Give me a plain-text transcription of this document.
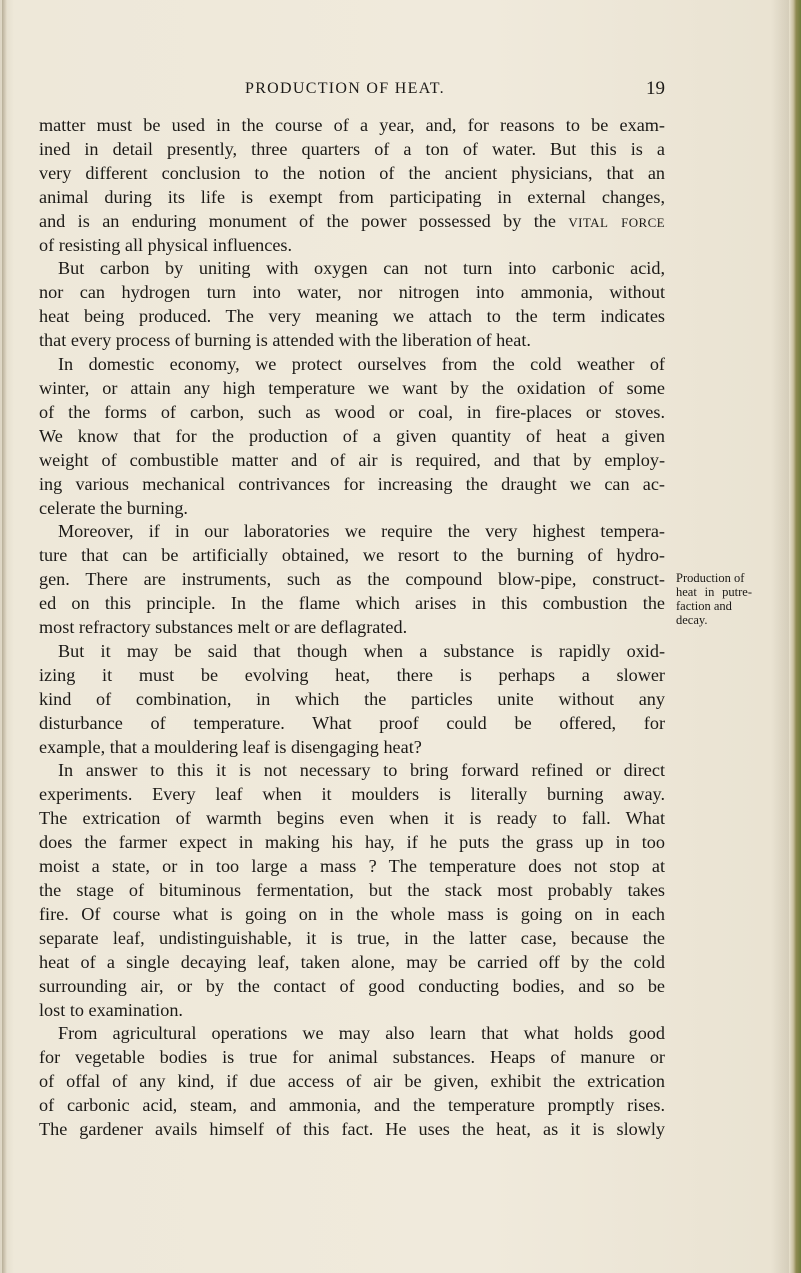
PRODUCTION OF HEAT.	19
matter must be used in the course of a year, and, for reasons to be exam-
ined in detail presently, three quarters of a ton of water. But this is a
very different conclusion to the notion of the ancient physicians, that an
animal during its life is exempt from participating in external changes,
and is an enduring monument of the power possessed by the vital force
of resisting all physical influences.
But carbon by uniting with oxygen can not turn into carbonic acid,
nor can hydrogen turn into water, nor nitrogen into ammonia, without
heat being produced. The very meaning we attach to the term indicates
that every process of burning is attended with the liberation of heat.
In domestic economy, we protect ourselves from the cold weather of
winter, or attain any high temperature we want by the oxidation of some
of the forms of carbon, such as wood or coal, in fire-places or stoves.
We know that for the production of a given quantity of heat a given
weight of combustible matter and of air is required, and that by employ-
ing various mechanical contrivances for increasing the draught we can ac-
celerate the burning.
Moreover, if in our laboratories we require the very highest tempera-
ture that can be artificially obtained, we resort to the burning of hydro-
gen. There are instruments, such as the compound blow-pipe, construct-
ed on this principle. In the flame which arises in this combustion the
most refractory substances melt or are deflagrated.
But it may be said that though when a substance is rapidly oxid-
izing it must be evolving heat, there is perhaps a slower
kind of combination, in which the particles unite without any
disturbance of temperature. What proof could be offered, for
example, that a mouldering leaf is disengaging heat?
In answer to this it is not necessary to bring forward refined or direct
experiments. Every leaf when it moulders is literally burning away.
The extrication of warmth begins even when it is ready to fall. What
does the farmer expect in making his hay, if he puts the grass up in too
moist a state, or in too large a mass ? The temperature does not stop at
the stage of bituminous fermentation, but the stack most probably takes
fire. Of course what is going on in the whole mass is going on in each
separate leaf, undistinguishable, it is true, in the latter case, because the
heat of a single decaying leaf, taken alone, may be carried off by the cold
surrounding air, or by the contact of good conducting bodies, and so be
lost to examination.
From agricultural operations we may also learn that what holds good
for vegetable bodies is true for animal substances. Heaps of manure or
of offal of any kind, if due access of air be given, exhibit the extrication
of carbonic acid, steam, and ammonia, and the temperature promptly rises.
The gardener avails himself of this fact. He uses the heat, as it is slowly
Production of
heat in putre-
faction and
decay.
